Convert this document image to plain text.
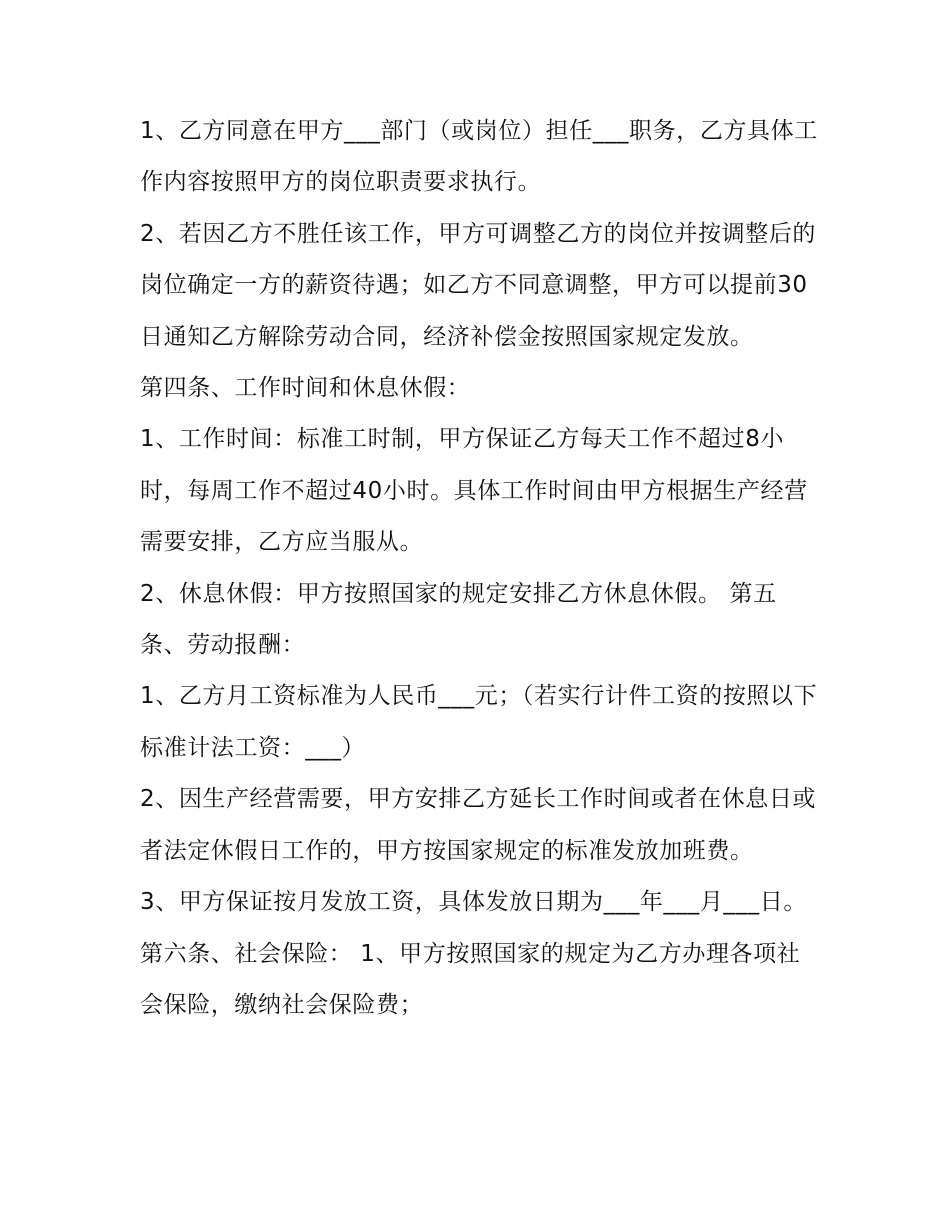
1、乙方同意在甲方___部门（或岗位）担任___职务，乙方具体工作内容按照甲方的岗位职责要求执行。

2、若因乙方不胜任该工作，甲方可调整乙方的岗位并按调整后的岗位确定一方的薪资待遇；如乙方不同意调整，甲方可以提前30日通知乙方解除劳动合同，经济补偿金按照国家规定发放。

第四条、工作时间和休息休假：

1、工作时间：标准工时制，甲方保证乙方每天工作不超过8小时，每周工作不超过40小时。具体工作时间由甲方根据生产经营需要安排，乙方应当服从。

2、休息休假：甲方按照国家的规定安排乙方休息休假。 第五条、劳动报酬：

1、乙方月工资标准为人民币___元；（若实行计件工资的按照以下标准计法工资：___）

2、因生产经营需要，甲方安排乙方延长工作时间或者在休息日或者法定休假日工作的，甲方按国家规定的标准发放加班费。

3、甲方保证按月发放工资，具体发放日期为___年___月___日。 第六条、社会保险： 1、甲方按照国家的规定为乙方办理各项社会保险，缴纳社会保险费；
